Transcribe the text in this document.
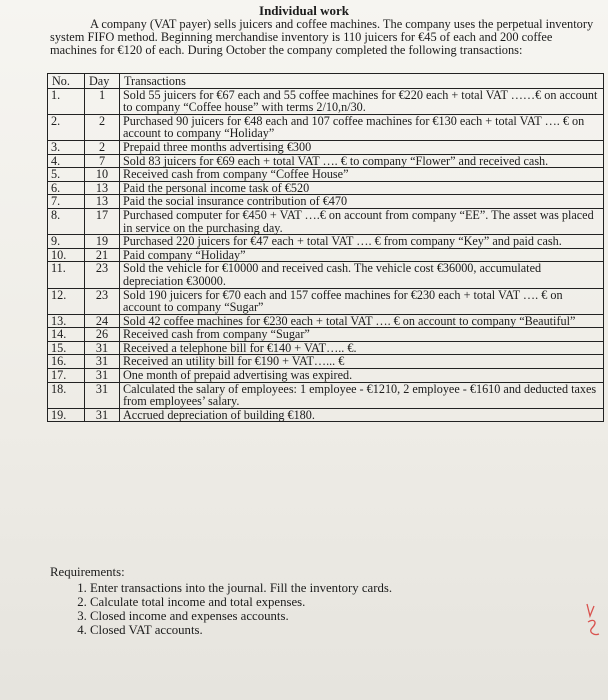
Individual work
A company (VAT payer) sells juicers and coffee machines. The company uses the perpetual inventory system FIFO method. Beginning merchandise inventory is 110 juicers for €45 of each and 200 coffee machines for €120 of each. During October the company completed the following transactions:
No.	Day	Transactions
1.	1	Sold 55 juicers for €67 each and 55 coffee machines for €220 each + total VAT ……€ on account to company “Coffee house” with terms 2/10,n/30.
2.	2	Purchased 90 juicers for €48 each and 107 coffee machines for €130 each + total VAT …. € on account to company “Holiday”
3.	2	Prepaid three months advertising €300
4.	7	Sold 83 juicers for €69 each + total VAT …. € to company “Flower” and received cash.
5.	10	Received cash from company “Coffee House”
6.	13	Paid the personal income task of €520
7.	13	Paid the social insurance contribution of €470
8.	17	Purchased computer for €450 + VAT ….€ on account from company “EE”. The asset was placed in service on the purchasing day.
9.	19	Purchased 220 juicers for €47 each + total VAT …. € from company “Key” and paid cash.
10.	21	Paid company “Holiday”
11.	23	Sold the vehicle for €10000 and received cash. The vehicle cost €36000, accumulated depreciation €30000.
12.	23	Sold 190 juicers for €70 each and 157 coffee machines for €230 each + total VAT …. € on account to company “Sugar”
13.	24	Sold 42 coffee machines for €230 each + total VAT …. € on account to company “Beautiful”
14.	26	Received cash from company “Sugar”
15.	31	Received a telephone bill for €140 + VAT….. €.
16.	31	Received an utility bill for €190 + VAT…... €
17.	31	One month of prepaid advertising was expired.
18.	31	Calculated the salary of employees: 1 employee - €1210, 2 employee - €1610 and deducted taxes from employees’ salary.
19.	31	Accrued depreciation of building €180.
Requirements:
1. Enter transactions into the journal. Fill the inventory cards.
2. Calculate total income and total expenses.
3. Closed income and expenses accounts.
4. Closed VAT accounts.
